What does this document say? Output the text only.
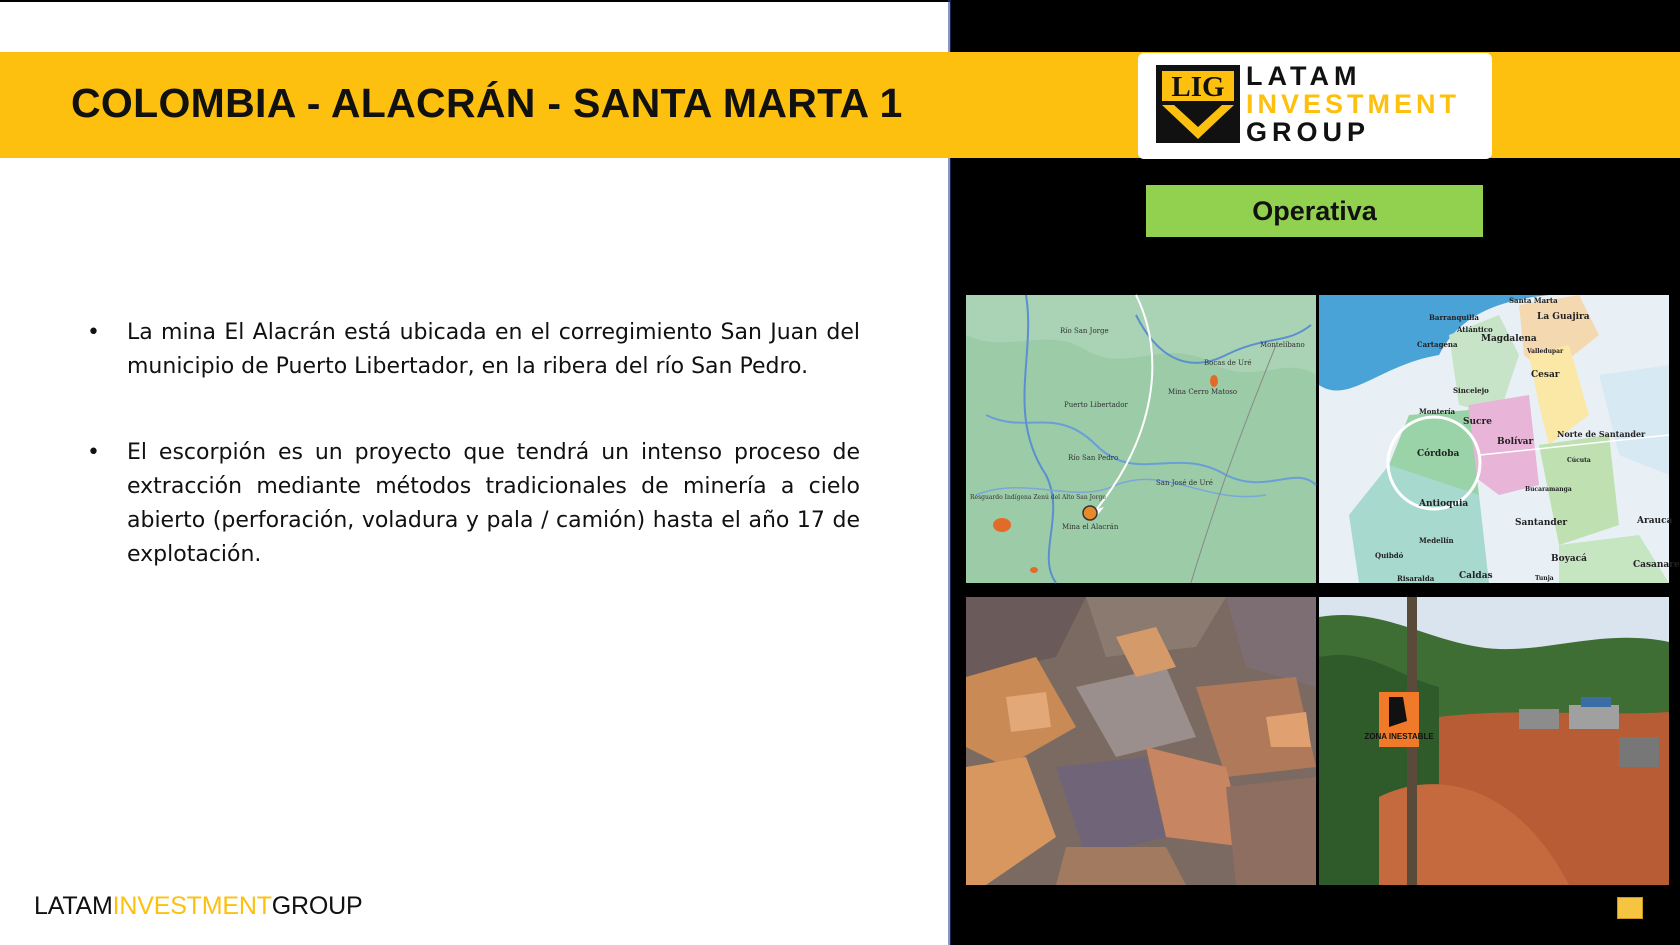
COLOMBIA - ALACRÁN - SANTA MARTA 1	LIG LATAM
INVESTMENT
GROUP
Operativa
• La mina El Alacrán está ubicada en el corregimiento San Juan del municipio de Puerto Libertador, en la ribera del río San Pedro.
• El escorpión es un proyecto que tendrá un intenso proceso de extracción mediante métodos tradicionales de minería a cielo abierto (perforación, voladura y pala / camión) hasta el año 17 de explotación.
LATAMINVESTMENTGROUP
Río San Jorge
Montelíbano
Bocas de Uré
Puerto Libertador
Mina Cerro Matoso
Río San Pedro
San José de Uré
Resguardo Indígena Zenú del Alto San Jorge
Mina el Alacrán
Santa Marta
Barranquilla	La Guajira
Atlántico
Magdalena
Cartagena
Valledupar
Cesar
Sincelejo
Montería
Sucre
Bolívar
Norte de Santander
Córdoba
Cúcuta
Bucaramanga
Antioquia
Santander	Arauca
Medellín
Quibdó	Boyacá
Casanare
Risaralda	Caldas	Tunja
ZONA INESTABLE
